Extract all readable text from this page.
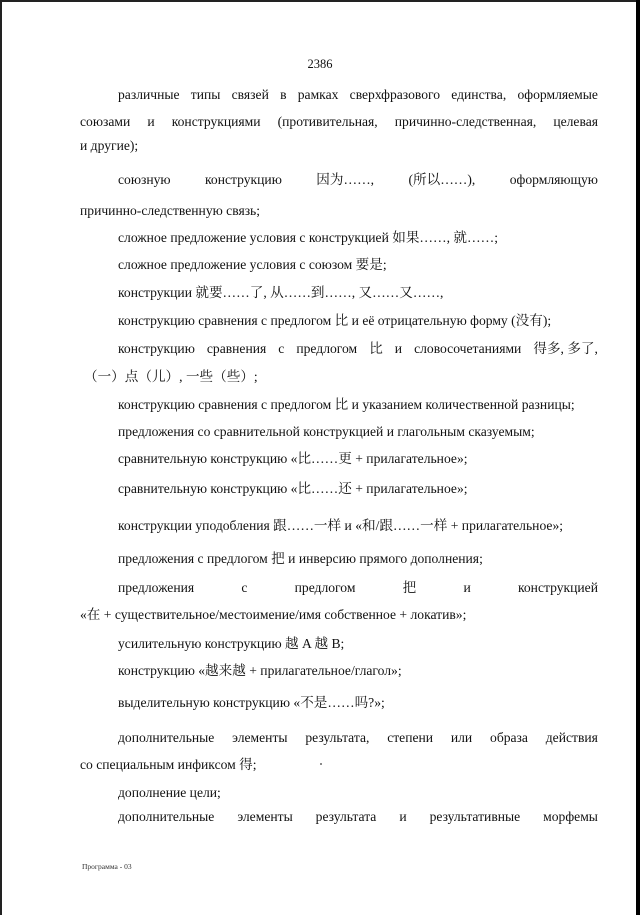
2386
различные типы связей в рамках сверхфразового единства, оформляемые
союзами и конструкциями (противительная, причинно-следственная, целевая
и другие);
союзную	конструкцию	因为……,	(所以……),	оформляющую
причинно-следственную связь;
сложное предложение условия с конструкцией 如果……, 就……;
сложное предложение условия с союзом 要是;
конструкции 就要……了, 从……到……, 又……又……,
конструкцию сравнения с предлогом 比 и её отрицательную форму (没有);
конструкцию сравнения с предлогом 比 и словосочетаниями 得多, 多了,
（一）点（儿）, 一些（些）;
конструкцию сравнения с предлогом 比 и указанием количественной разницы;
предложения со сравнительной конструкцией и глагольным сказуемым;
сравнительную конструкцию «比……更 + прилагательное»;
сравнительную конструкцию «比……还 + прилагательное»;
конструкции уподобления 跟……一样 и «和/跟……一样 + прилагательное»;
предложения с предлогом 把 и инверсию прямого дополнения;
предложения	с	предлогом	把	и	конструкцией
«在 + существительное/местоимение/имя собственное + локатив»;
усилительную конструкцию 越 A 越 B;
конструкцию «越来越 + прилагательное/глагол»;
выделительную конструкцию «不是……吗?»;
дополнительные элементы результата, степени или образа действия
со специальным инфиксом 得;
дополнение цели;
дополнительные элементы результата и результативные морфемы
Программа - 03
